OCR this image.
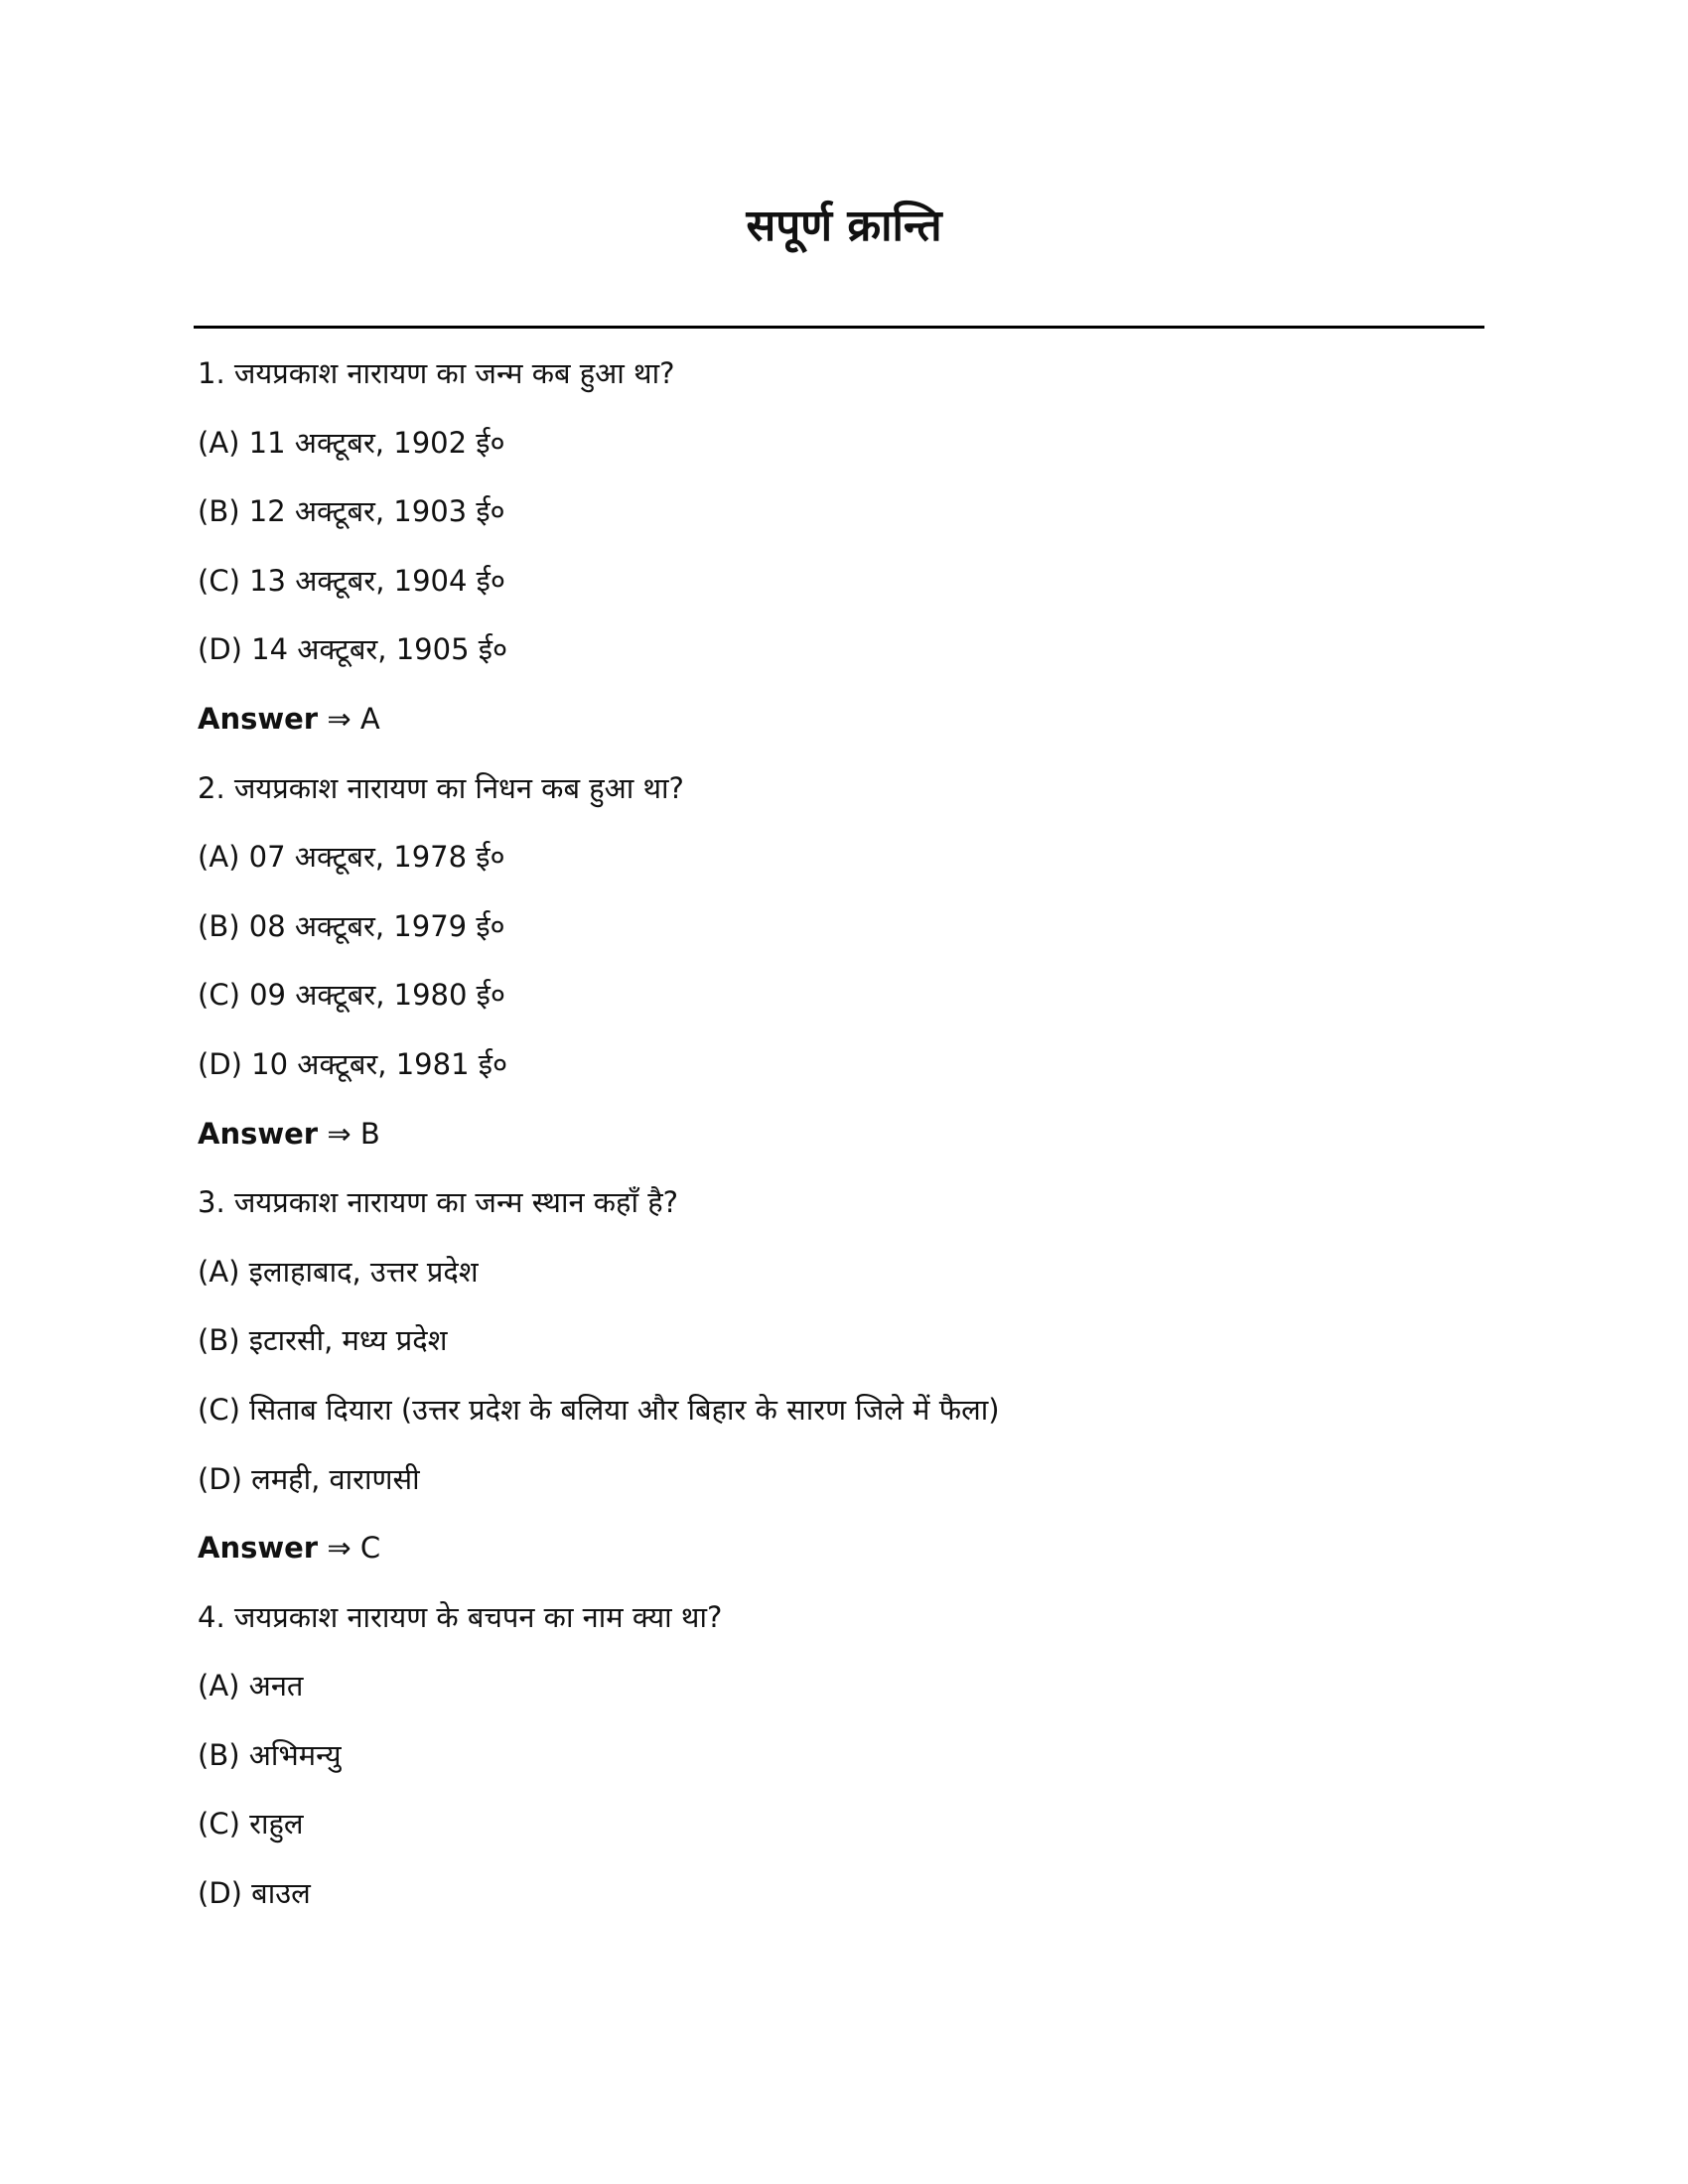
सपूर्ण क्रान्ति
1. जयप्रकाश नारायण का जन्म कब हुआ था?
(A) 11 अक्टूबर, 1902 ई०
(B) 12 अक्टूबर, 1903 ई०
(C) 13 अक्टूबर, 1904 ई०
(D) 14 अक्टूबर, 1905 ई०
Answer ⇒ A
2. जयप्रकाश नारायण का निधन कब हुआ था?
(A) 07 अक्टूबर, 1978 ई०
(B) 08 अक्टूबर, 1979 ई०
(C) 09 अक्टूबर, 1980 ई०
(D) 10 अक्टूबर, 1981 ई०
Answer ⇒ B
3. जयप्रकाश नारायण का जन्म स्थान कहाँ है?
(A) इलाहाबाद, उत्तर प्रदेश
(B) इटारसी, मध्य प्रदेश
(C) सिताब दियारा (उत्तर प्रदेश के बलिया और बिहार के सारण जिले में फैला)
(D) लमही, वाराणसी
Answer ⇒ C
4. जयप्रकाश नारायण के बचपन का नाम क्या था?
(A) अनत
(B) अभिमन्यु
(C) राहुल
(D) बाउल
